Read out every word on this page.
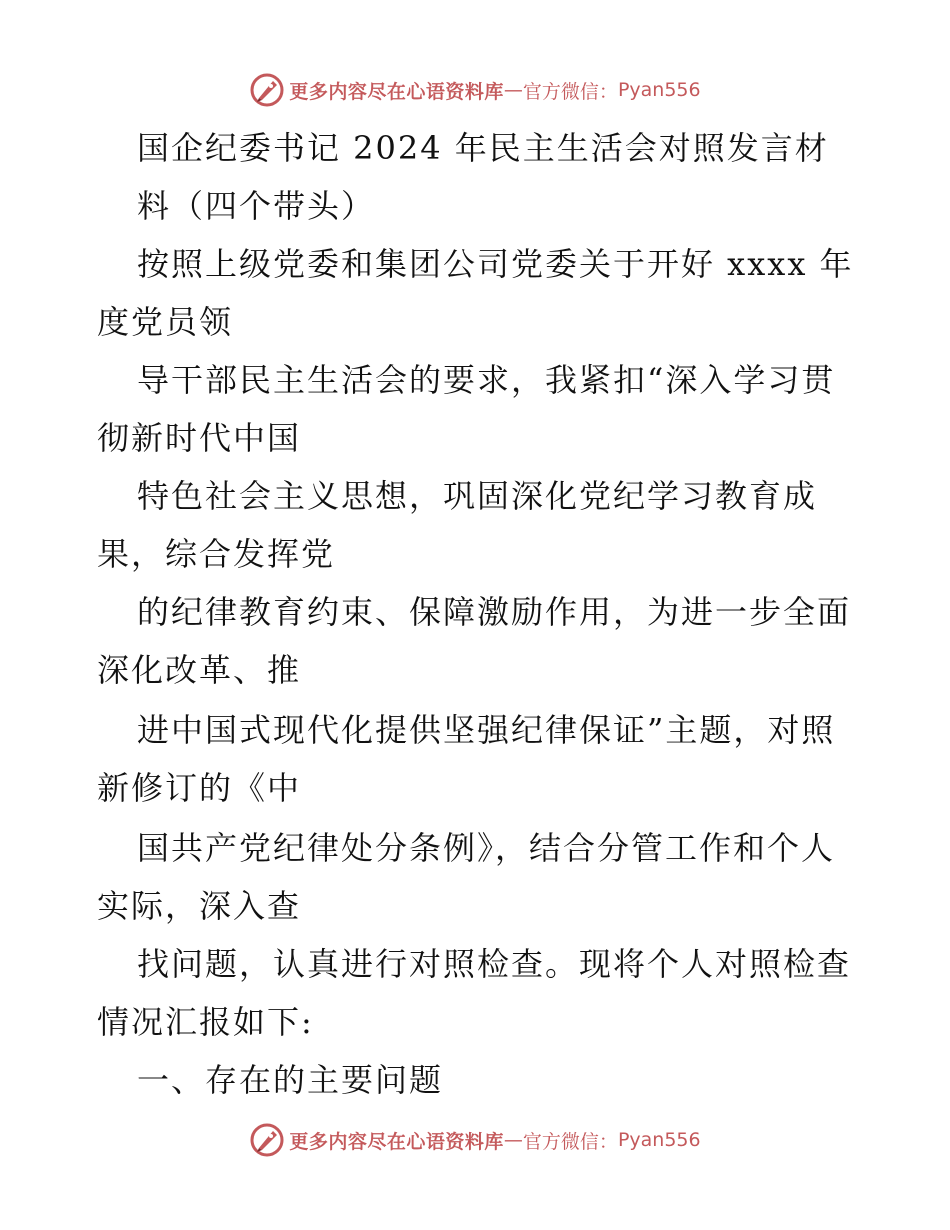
更多内容尽在心语资料库 — 官方微信： Pyan556
国企纪委书记 2024 年民主生活会对照发言材
料（四个带头）
按照上级党委和集团公司党委关于开好 xxxx 年
度党员领
导干部民主生活会的要求，我紧扣“深入学习贯
彻新时代中国
特色社会主义思想，巩固深化党纪学习教育成
果，综合发挥党
的纪律教育约束、保障激励作用，为进一步全面
深化改革、推
进中国式现代化提供坚强纪律保证”主题，对照
新修订的《中
国共产党纪律处分条例》，结合分管工作和个人
实际，深入查
找问题，认真进行对照检查。现将个人对照检查
情况汇报如下:
一、存在的主要问题
更多内容尽在心语资料库 — 官方微信： Pyan556
